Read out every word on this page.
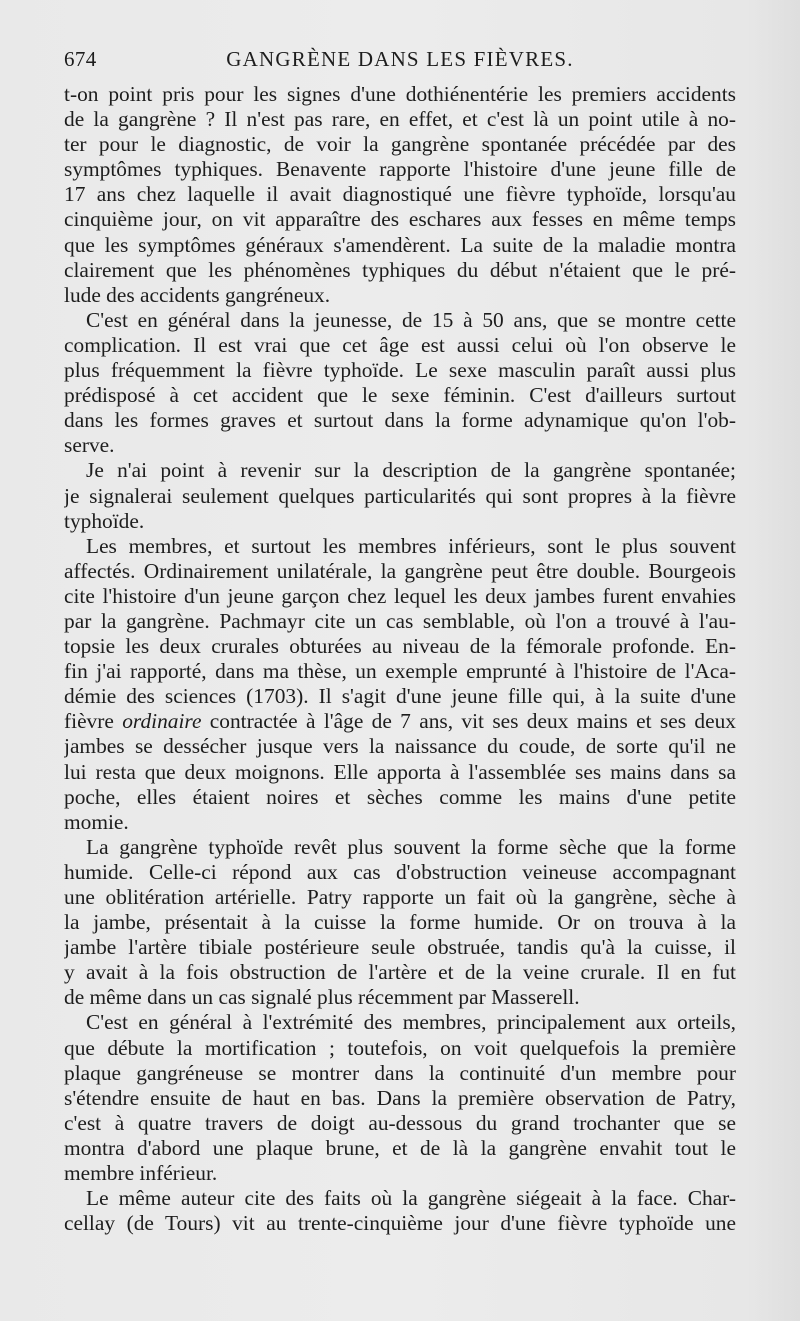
674	GANGRÈNE DANS LES FIÈVRES.
t-on point pris pour les signes d'une dothiénentérie les premiers accidents
de la gangrène ? Il n'est pas rare, en effet, et c'est là un point utile à no-
ter pour le diagnostic, de voir la gangrène spontanée précédée par des
symptômes typhiques. Benavente rapporte l'histoire d'une jeune fille de
17 ans chez laquelle il avait diagnostiqué une fièvre typhoïde, lorsqu'au
cinquième jour, on vit apparaître des eschares aux fesses en même temps
que les symptômes généraux s'amendèrent. La suite de la maladie montra
clairement que les phénomènes typhiques du début n'étaient que le pré-
lude des accidents gangréneux.
C'est en général dans la jeunesse, de 15 à 50 ans, que se montre cette
complication. Il est vrai que cet âge est aussi celui où l'on observe le
plus fréquemment la fièvre typhoïde. Le sexe masculin paraît aussi plus
prédisposé à cet accident que le sexe féminin. C'est d'ailleurs surtout
dans les formes graves et surtout dans la forme adynamique qu'on l'ob-
serve.
Je n'ai point à revenir sur la description de la gangrène spontanée;
je signalerai seulement quelques particularités qui sont propres à la fièvre
typhoïde.
Les membres, et surtout les membres inférieurs, sont le plus souvent
affectés. Ordinairement unilatérale, la gangrène peut être double. Bourgeois
cite l'histoire d'un jeune garçon chez lequel les deux jambes furent envahies
par la gangrène. Pachmayr cite un cas semblable, où l'on a trouvé à l'au-
topsie les deux crurales obturées au niveau de la fémorale profonde. En-
fin j'ai rapporté, dans ma thèse, un exemple emprunté à l'histoire de l'Aca-
démie des sciences (1703). Il s'agit d'une jeune fille qui, à la suite d'une
fièvre ordinaire contractée à l'âge de 7 ans, vit ses deux mains et ses deux
jambes se dessécher jusque vers la naissance du coude, de sorte qu'il ne
lui resta que deux moignons. Elle apporta à l'assemblée ses mains dans sa
poche, elles étaient noires et sèches comme les mains d'une petite
momie.
La gangrène typhoïde revêt plus souvent la forme sèche que la forme
humide. Celle-ci répond aux cas d'obstruction veineuse accompagnant
une oblitération artérielle. Patry rapporte un fait où la gangrène, sèche à
la jambe, présentait à la cuisse la forme humide. Or on trouva à la
jambe l'artère tibiale postérieure seule obstruée, tandis qu'à la cuisse, il
y avait à la fois obstruction de l'artère et de la veine crurale. Il en fut
de même dans un cas signalé plus récemment par Masserell.
C'est en général à l'extrémité des membres, principalement aux orteils,
que débute la mortification ; toutefois, on voit quelquefois la première
plaque gangréneuse se montrer dans la continuité d'un membre pour
s'étendre ensuite de haut en bas. Dans la première observation de Patry,
c'est à quatre travers de doigt au-dessous du grand trochanter que se
montra d'abord une plaque brune, et de là la gangrène envahit tout le
membre inférieur.
Le même auteur cite des faits où la gangrène siégeait à la face. Char-
cellay (de Tours) vit au trente-cinquième jour d'une fièvre typhoïde une
